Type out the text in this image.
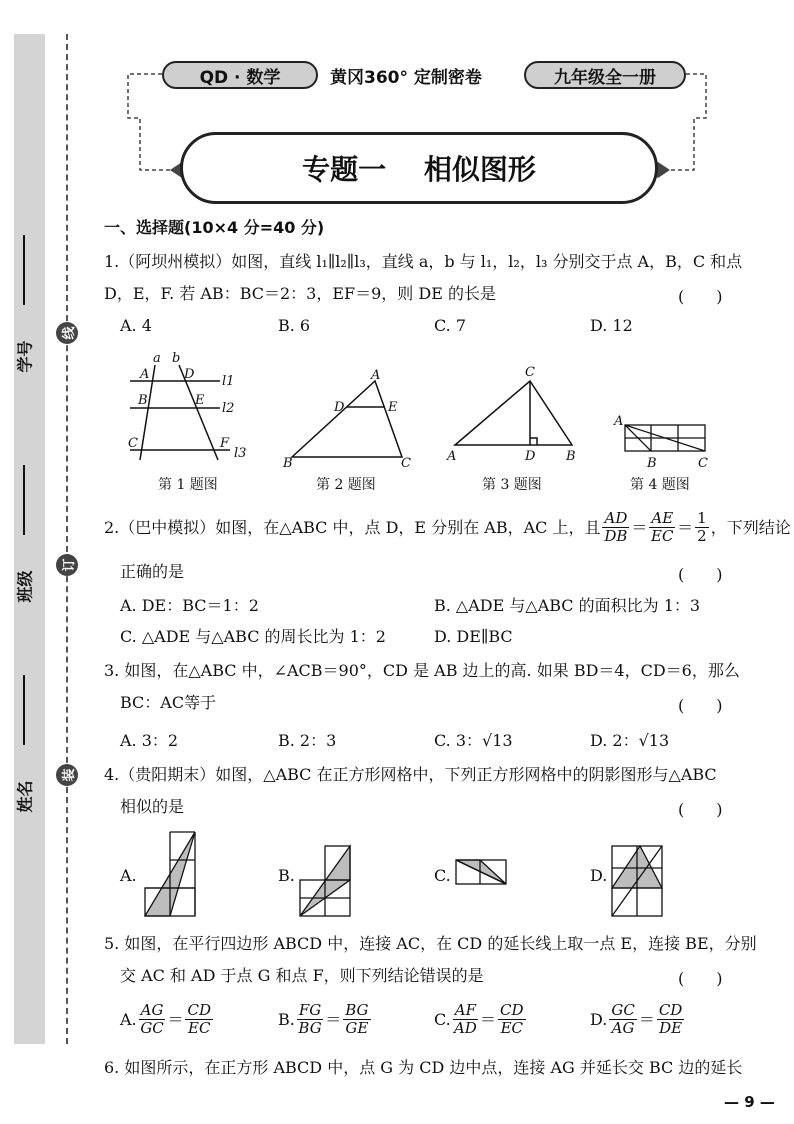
学号
班级
姓名
线
订
装
QD · 数学	黄冈360° 定制密卷	九年级全一册
专题一　 相似图形
一、选择题(10×4 分=40 分)
1.（阿坝州模拟）如图，直线 l₁∥l₂∥l₃，直线 a，b 与 l₁，l₂，l₃ 分别交于点 A，B，C 和点
D，E，F. 若 AB：BC＝2：3，EF＝9，则 DE 的长是	(　　)
A. 4	B. 6	C. 7	D. 12
a b
A	D l1
B	E
l2
C	F
l3
A
D	E
B	C
C
A	D B
A
B	C
第 1 题图	第 2 题图	第 3 题图	第 4 题图
2.（巴中模拟）如图，在△ABC 中，点 D，E 分别在 AB，AC 上，且 $\frac{AD}{DB} = \frac{AE}{EC} = \frac{1}{2}$ ，下列结论
正确的是	(　　)
A. DE：BC＝1：2	B. △ADE 与△ABC 的面积比为 1：3
C. △ADE 与△ABC 的周长比为 1：2	D. DE∥BC
3. 如图，在△ABC 中，∠ACB＝90°，CD 是 AB 边上的高. 如果 BD＝4，CD＝6，那么
BC：AC等于	(　　)
A. 3：2	B. 2：3	C. 3：√13	D. 2：√13
4.（贵阳期末）如图，△ABC 在正方形网格中，下列正方形网格中的阴影图形与△ABC
相似的是	(　　)
A.	B.	C.	D.
5. 如图，在平行四边形 ABCD 中，连接 AC，在 CD 的延长线上取一点 E，连接 BE，分别
交 AC 和 AD 于点 G 和点 F，则下列结论错误的是	(　　)
A. $\frac{AG}{GC} = \frac{CD}{EC}$	B. $\frac{FG}{BG} = \frac{BG}{GE}$	C. $\frac{AF}{AD} = \frac{CD}{EC}$	D. $\frac{GC}{AG} = \frac{CD}{DE}$
6. 如图所示，在正方形 ABCD 中，点 G 为 CD 边中点，连接 AG 并延长交 BC 边的延长
— 9 —
